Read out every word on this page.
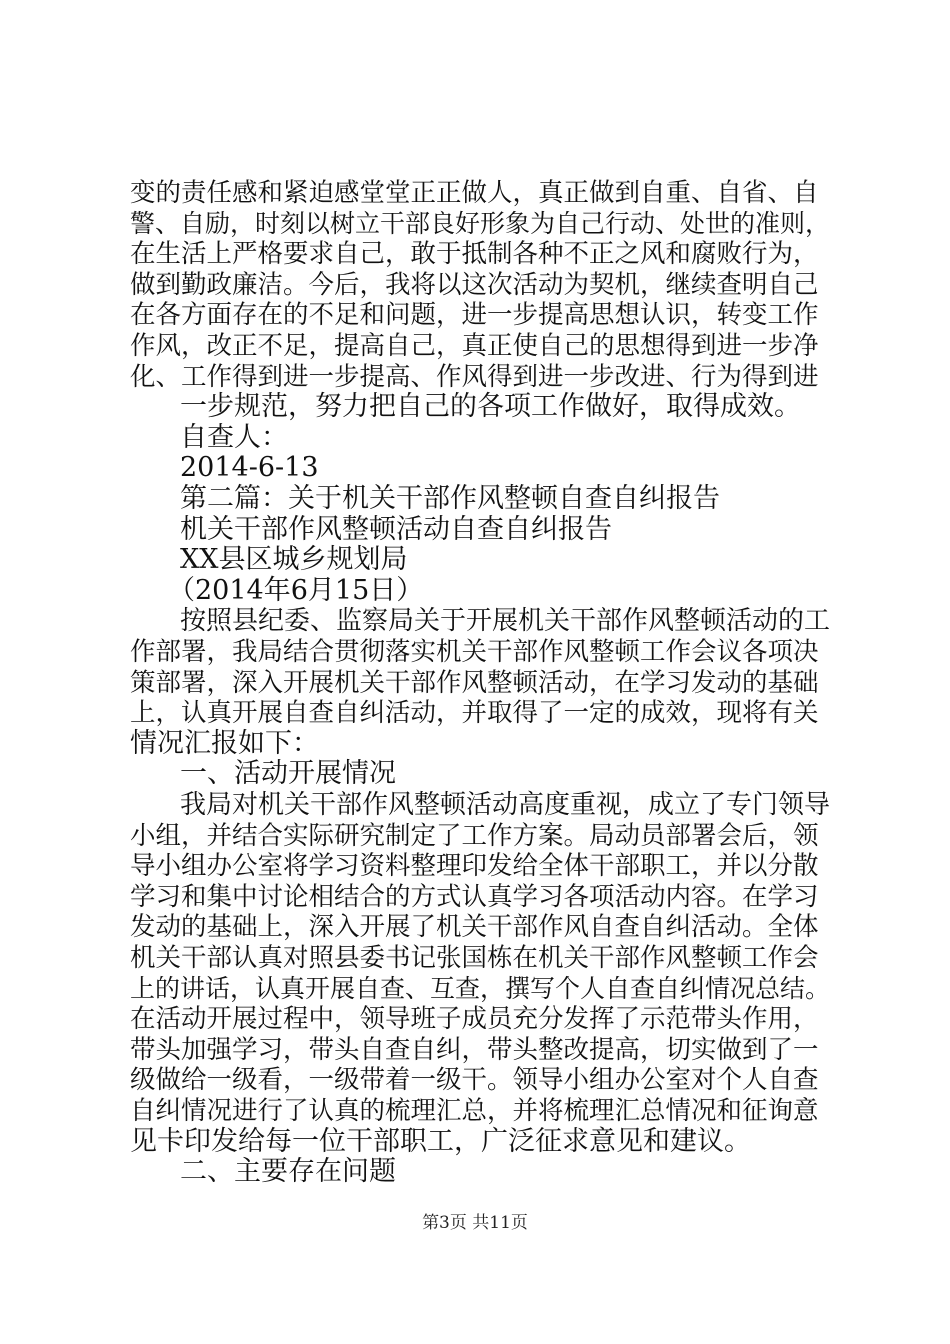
变的责任感和紧迫感堂堂正正做人，真正做到自重、自省、自
警、自励，时刻以树立干部良好形象为自己行动、处世的准则，
在生活上严格要求自己，敢于抵制各种不正之风和腐败行为，
做到勤政廉洁。今后，我将以这次活动为契机，继续查明自己
在各方面存在的不足和问题，进一步提高思想认识，转变工作
作风，改正不足，提高自己，真正使自己的思想得到进一步净
化、工作得到进一步提高、作风得到进一步改进、行为得到进
一步规范，努力把自己的各项工作做好，取得成效。
自查人：
2014-6-13
第二篇：关于机关干部作风整顿自查自纠报告
机关干部作风整顿活动自查自纠报告
XX县区城乡规划局
（2014年6月15日）
按照县纪委、监察局关于开展机关干部作风整顿活动的工
作部署，我局结合贯彻落实机关干部作风整顿工作会议各项决
策部署，深入开展机关干部作风整顿活动，在学习发动的基础
上，认真开展自查自纠活动，并取得了一定的成效，现将有关
情况汇报如下：
一、活动开展情况
我局对机关干部作风整顿活动高度重视，成立了专门领导
小组，并结合实际研究制定了工作方案。局动员部署会后，领
导小组办公室将学习资料整理印发给全体干部职工，并以分散
学习和集中讨论相结合的方式认真学习各项活动内容。在学习
发动的基础上，深入开展了机关干部作风自查自纠活动。全体
机关干部认真对照县委书记张国栋在机关干部作风整顿工作会
上的讲话，认真开展自查、互查，撰写个人自查自纠情况总结。
在活动开展过程中，领导班子成员充分发挥了示范带头作用，
带头加强学习，带头自查自纠，带头整改提高，切实做到了一
级做给一级看，一级带着一级干。领导小组办公室对个人自查
自纠情况进行了认真的梳理汇总，并将梳理汇总情况和征询意
见卡印发给每一位干部职工，广泛征求意见和建议。
二、主要存在问题
第3页 共11页
